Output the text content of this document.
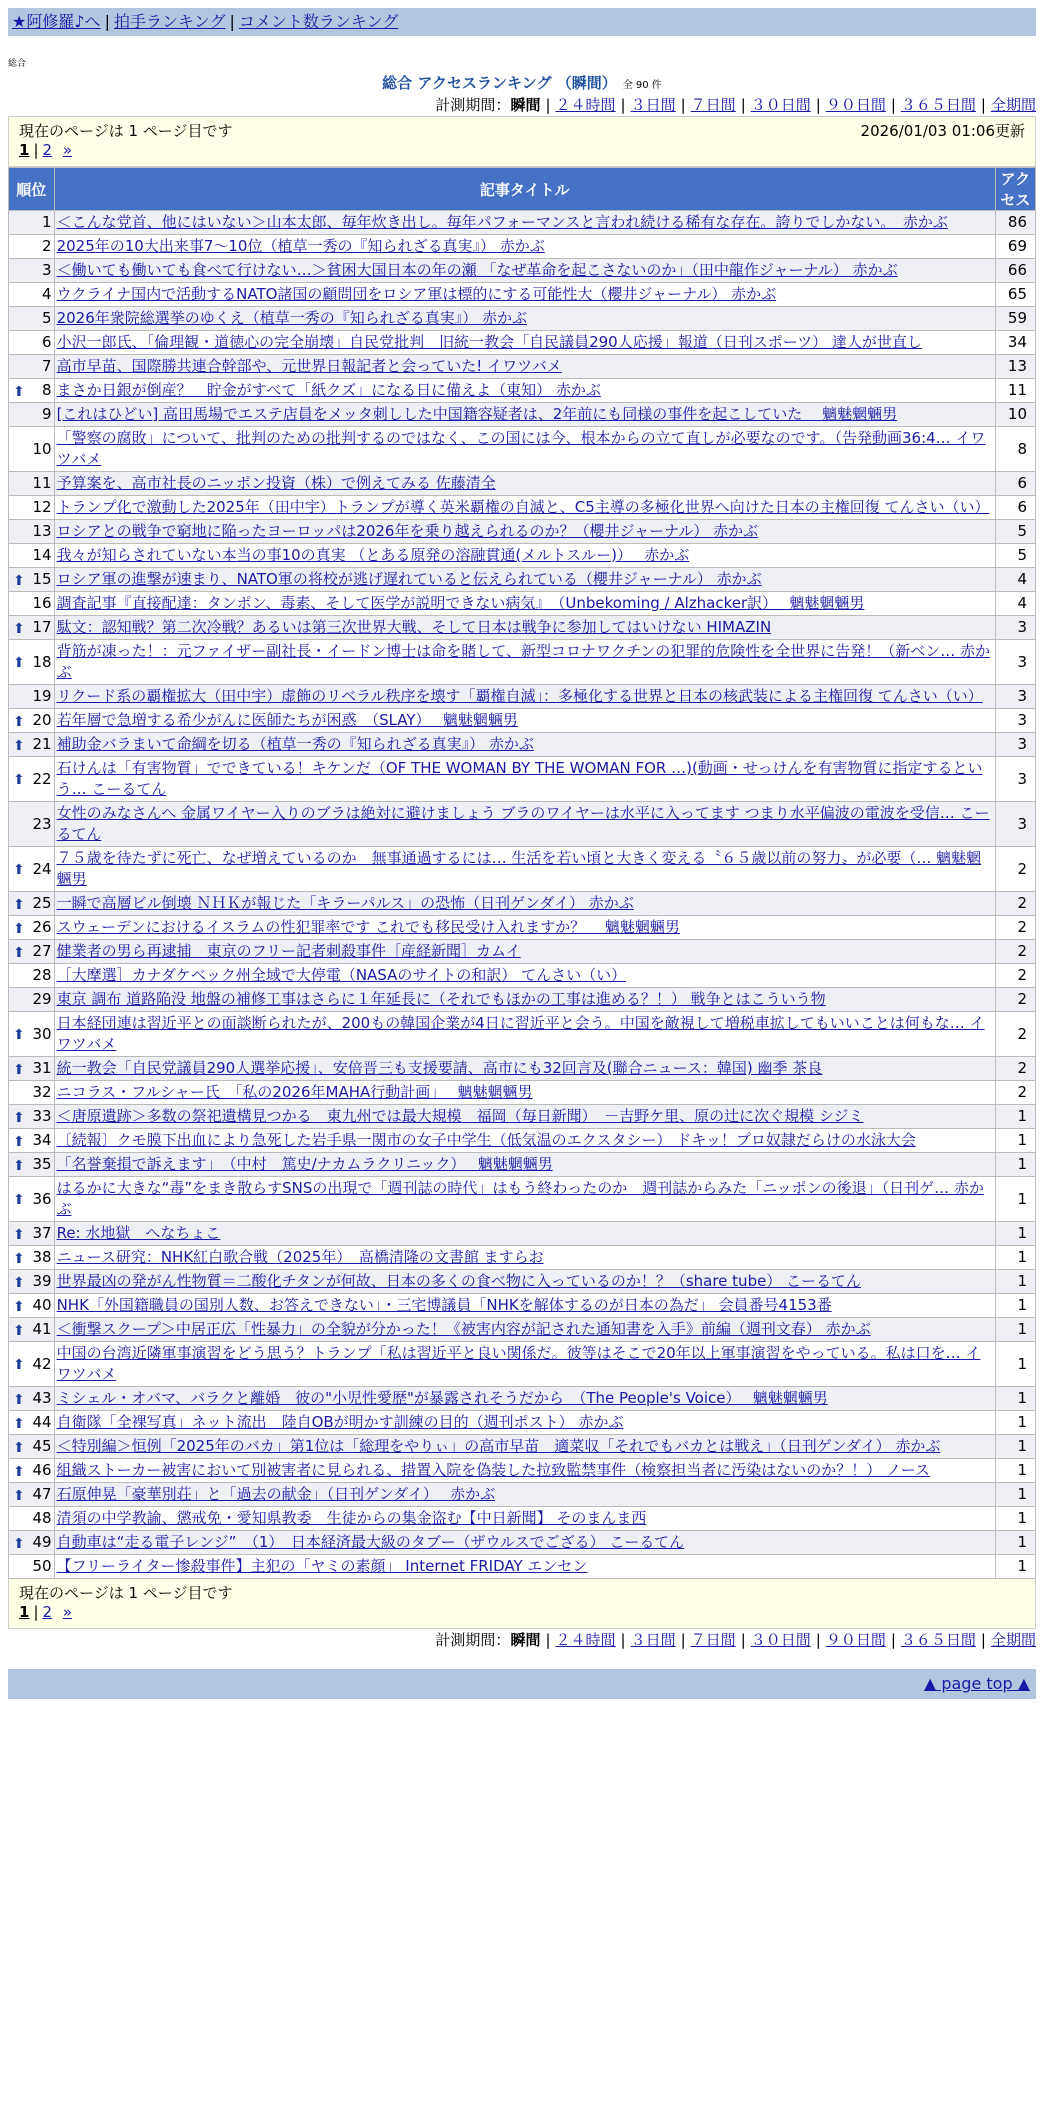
★阿修羅♪へ | 拍手ランキング | コメント数ランキング
総合
総合 アクセスランキング （瞬間） 全 90 件
計測期間：瞬間 | ２４時間 | ３日間 | ７日間 | ３０日間 | ９０日間 | ３６５日間 | 全期間
現在のページは 1 ページ目です	2026/01/03 01:06更新
1 | 2 »
順位	記事タイトル	アクセス
1	＜こんな党首、他にはいない＞山本太郎、毎年炊き出し。毎年パフォーマンスと言われ続ける稀有な存在。誇りでしかない。　赤かぶ	86
2	2025年の10大出来事7～10位（植草一秀の『知られざる真実』） 赤かぶ	69
3	＜働いても働いても食べて行けない…＞貧困大国日本の年の瀬 「なぜ革命を起こさないのか」（田中龍作ジャーナル） 赤かぶ	66
4	ウクライナ国内で活動するNATO諸国の顧問団をロシア軍は標的にする可能性大（櫻井ジャーナル） 赤かぶ	65
5	2026年衆院総選挙のゆくえ（植草一秀の『知られざる真実』） 赤かぶ	59
6	小沢一郎氏、「倫理観・道徳心の完全崩壊」自民党批判　旧統一教会「自民議員290人応援」報道（日刊スポーツ） 達人が世直し	34
7	高市早苗、国際勝共連合幹部や、元世界日報記者と会っていた! イワツバメ	13

⬆ 8	まさか日銀が倒産？　貯金がすべて「紙クズ」になる日に備えよ（東知） 赤かぶ	11
9	[これはひどい] 高田馬場でエステ店員をメッタ刺しした中国籍容疑者は、2年前にも同様の事件を起こしていた　 魑魅魍魎男	10
10	「警察の腐敗」について、批判のための批判するのではなく、この国には今、根本からの立て直しが必要なのです。（告発動画36:4… イワツバメ	8
11	予算案を、高市社長のニッポン投資（株）で例えてみる 佐藤清全	6
12	トランプ化で激動した2025年（田中宇）トランプが導く英米覇権の自滅と、C5主導の多極化世界へ向けた日本の主権回復 てんさい（い）	6
13	ロシアとの戦争で窮地に陥ったヨーロッパは2026年を乗り越えられるのか？（櫻井ジャーナル） 赤かぶ	5
14	我々が知らされていない本当の事10の真実 （とある原発の溶融貫通(メルトスルー)）　 赤かぶ	5

⬆ 15	ロシア軍の進撃が速まり、NATO軍の将校が逃げ遅れていると伝えられている（櫻井ジャーナル） 赤かぶ	4
16	調査記事『直接配達：タンポン、毒素、そして医学が説明できない病気』　（Unbekoming / Alzhacker訳）　 魑魅魍魎男	4

⬆ 17	駄文：認知戦？第二次冷戦？あるいは第三次世界大戦、そして日本は戦争に参加してはいけない HIMAZIN	3

⬆ 18	背筋が凍った！：元ファイザー副社長・イードン博士は命を賭して、新型コロナワクチンの犯罪的危険性を全世界に告発！（新ベン… 赤かぶ	3
19	リクード系の覇権拡大（田中宇）虚飾のリベラル秩序を壊す「覇権自滅」：多極化する世界と日本の核武装による主権回復 てんさい（い）	3

⬆ 20	若年層で急増する希少がんに医師たちが困惑　（SLAY）　 魑魅魍魎男	3

⬆ 21	補助金バラまいて命綱を切る（植草一秀の『知られざる真実』） 赤かぶ	3

⬆ 22	石けんは「有害物質」でできている！キケンだ（OF THE WOMAN BY THE WOMAN FOR …)(動画・せっけんを有害物質に指定するという… こーるてん	3
23	女性のみなさんへ 金属ワイヤー入りのブラは絶対に避けましょう ブラのワイヤーは水平に入ってます つまり水平偏波の電波を受信… こーるてん	3

⬆ 24	７５歳を待たずに死亡、なぜ増えているのか　無事通過するには… 生活を若い頃と大きく変える〝６５歳以前の努力〟が必要（… 魑魅魍魎男	2

⬆ 25	一瞬で高層ビル倒壊 ＮＨＫが報じた「キラーパルス」の恐怖（日刊ゲンダイ） 赤かぶ	2

⬆ 26	スウェーデンにおけるイスラムの性犯罪率です これでも移民受け入れますか？　 魑魅魍魎男	2

⬆ 27	健業者の男ら再逮捕　東京のフリー記者刺殺事件［産経新聞］カムイ	2
28	［大摩選］カナダケベック州全域で大停電（NASAのサイトの和訳） てんさい（い）	2
29	東京 調布 道路陥没 地盤の補修工事はさらに１年延長に（それでもほかの工事は進める？！） 戦争とはこういう物	2

⬆ 30	日本経団連は習近平との面談断られたが、200もの韓国企業が4日に習近平と会う。中国を敵視して増税車拡してもいいことは何もな… イワツバメ	2

⬆ 31	統一教会「自民党議員290人選挙応援」、安倍晋三も支援要請、高市にも32回言及(聯合ニュース：韓国) 幽季 茶良	2
32	ニコラス・フルシャー氏　「私の2026年MAHA行動計画」　 魑魅魍魎男	2

⬆ 33	＜唐原遺跡＞多数の祭祀遺構見つかる　東九州では最大規模　福岡（毎日新聞）　－吉野ケ里、原の辻に次ぐ規模 シジミ	1

⬆ 34	〔続報〕クモ膜下出血により急死した岩手県一関市の女子中学生（低気温のエクスタシー） ドキッ！プロ奴隷だらけの水泳大会	1

⬆ 35	「名誉棄損で訴えます」　（中村　篤史/ナカムラクリニック）　 魑魅魍魎男	1

⬆ 36	はるかに大きな“毒”をまき散らすSNSの出現で「週刊誌の時代」はもう終わったのか　週刊誌からみた「ニッポンの後退」（日刊ゲ… 赤かぶ	1

⬆ 37	Re: 水地獄　へなちょこ	1

⬆ 38	ニュース研究：NHK紅白歌合戦（2025年）　高橋清隆の文書館 ますらお	1

⬆ 39	世界最凶の発がん性物質＝二酸化チタンが何故、日本の多くの食べ物に入っているのか！？（share tube） こーるてん	1

⬆ 40	NHK「外国籍職員の国別人数、お答えできない」・三宅博議員「NHKを解体するのが日本の為だ」 会員番号4153番	1

⬆ 41	＜衝撃スクープ＞中居正広「性暴力」の全貌が分かった！《被害内容が記された通知書を入手》前編（週刊文春） 赤かぶ	1

⬆ 42	中国の台湾近隣軍事演習をどう思う？トランプ「私は習近平と良い関係だ。彼等はそこで20年以上軍事演習をやっている。私は口を… イワツバメ	1

⬆ 43	ミシェル・オバマ、バラクと離婚　彼の"小児性愛歴"が暴露されそうだから　（The People's Voice）　 魑魅魍魎男	1

⬆ 44	自衛隊「全裸写真」ネット流出　陸自OBが明かす訓練の目的（週刊ポスト） 赤かぶ	1

⬆ 45	＜特別編＞恒例「2025年のバカ」第1位は「総理をやりぃ」の高市早苗　適菜収「それでもバカとは戦え」（日刊ゲンダイ） 赤かぶ	1

⬆ 46	組織ストーカー被害において別被害者に見られる、措置入院を偽装した拉致監禁事件（検察担当者に汚染はないのか？！） ノース	1

⬆ 47	石原伸晃「豪華別荘」と「過去の献金」（日刊ゲンダイ）　 赤かぶ	1
48	清須の中学教諭、懲戒免・愛知県教委　生徒からの集金盗む【中日新聞】 そのまんま西	1

⬆ 49	自動車は“走る電子レンジ”　（1）　日本経済最大級のタブー（ザウルスでござる） こーるてん	1
50	【フリーライター惨殺事件】主犯の「ヤミの素顔」 Internet FRIDAY エンセン	1
現在のページは 1 ページ目です
1 | 2 »
計測期間：瞬間 | ２４時間 | ３日間 | ７日間 | ３０日間 | ９０日間 | ３６５日間 | 全期間
▲ page top ▲
